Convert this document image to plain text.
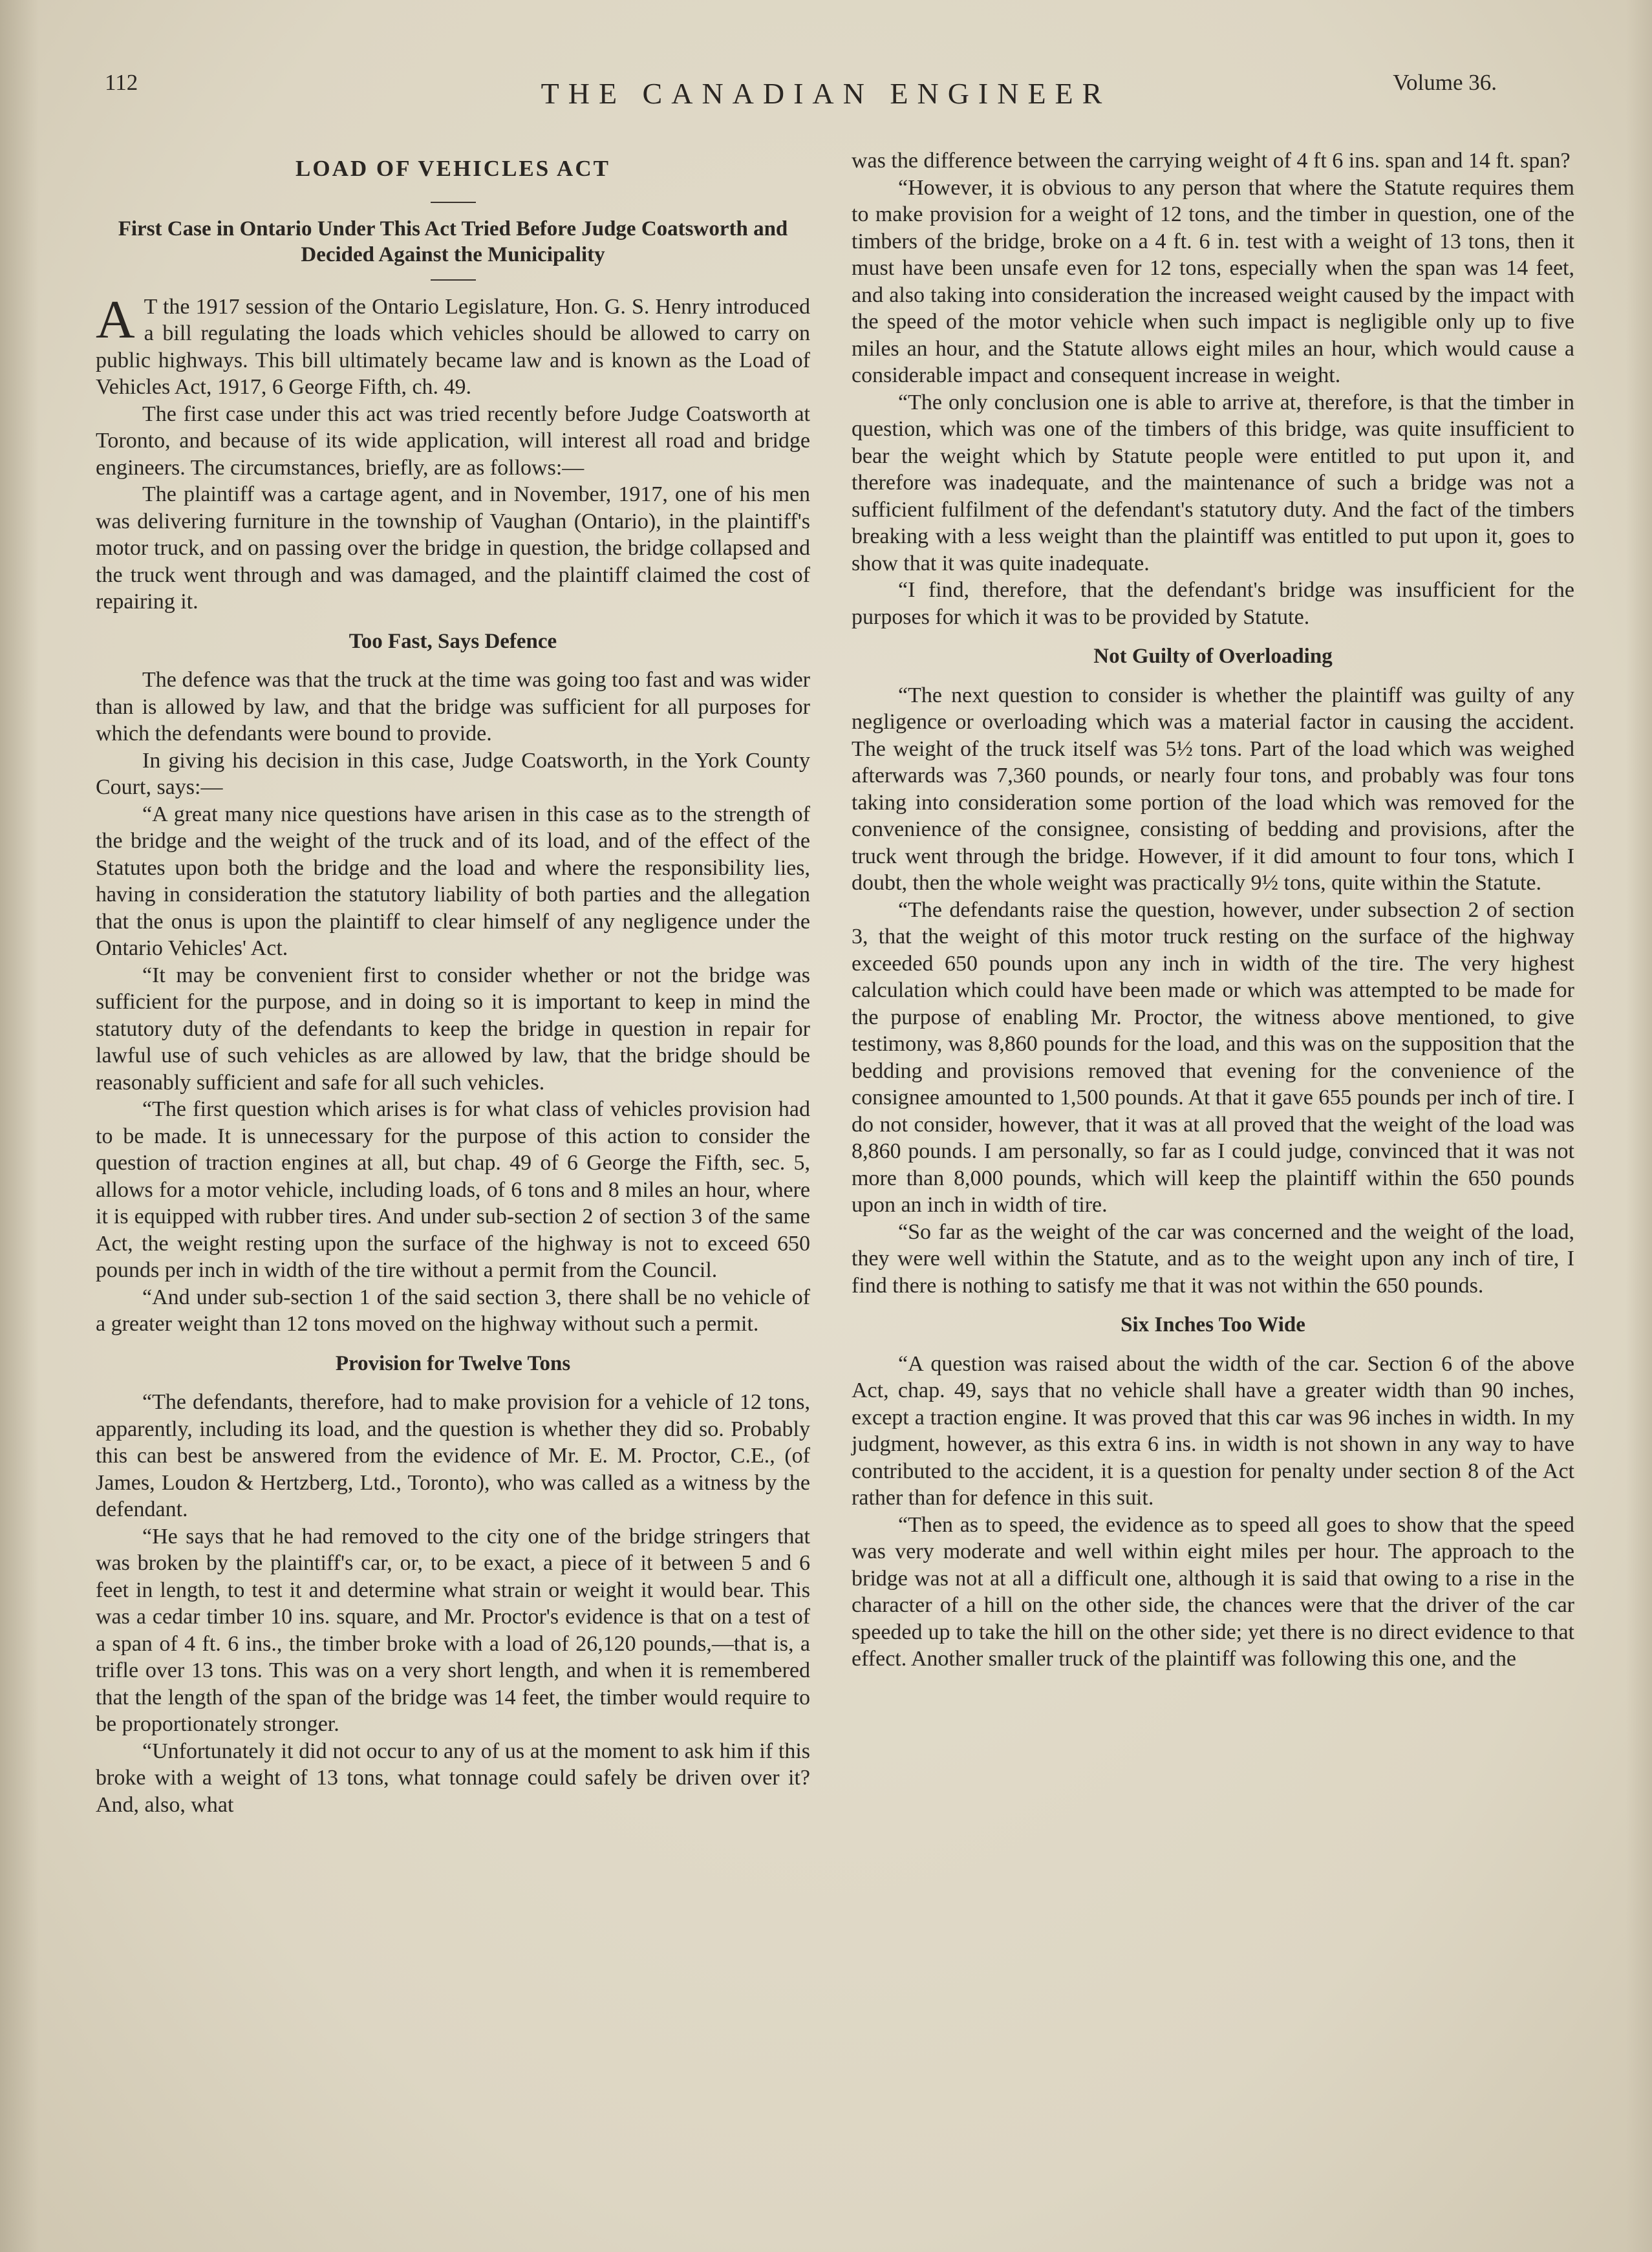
112	THE CANADIAN ENGINEER	Volume 36.
LOAD OF VEHICLES ACT
First Case in Ontario Under This Act Tried Before Judge Coatsworth and Decided Against the Municipality

A T the 1917 session of the Ontario Legislature, Hon. G. S. Henry introduced a bill regulating the loads which vehicles should be allowed to carry on public highways. This bill ultimately became law and is known as the Load of Vehicles Act, 1917, 6 George Fifth, ch. 49.

The first case under this act was tried recently before Judge Coatsworth at Toronto, and because of its wide application, will interest all road and bridge engineers. The circumstances, briefly, are as follows:—

The plaintiff was a cartage agent, and in November, 1917, one of his men was delivering furniture in the township of Vaughan (Ontario), in the plaintiff's motor truck, and on passing over the bridge in question, the bridge collapsed and the truck went through and was damaged, and the plaintiff claimed the cost of repairing it.

Too Fast, Says Defence

The defence was that the truck at the time was going too fast and was wider than is allowed by law, and that the bridge was sufficient for all purposes for which the defendants were bound to provide.

In giving his decision in this case, Judge Coatsworth, in the York County Court, says:—

“A great many nice questions have arisen in this case as to the strength of the bridge and the weight of the truck and of its load, and of the effect of the Statutes upon both the bridge and the load and where the responsibility lies, having in consideration the statutory liability of both parties and the allegation that the onus is upon the plaintiff to clear himself of any negligence under the Ontario Vehicles' Act.

“It may be convenient first to consider whether or not the bridge was sufficient for the purpose, and in doing so it is important to keep in mind the statutory duty of the defendants to keep the bridge in question in repair for lawful use of such vehicles as are allowed by law, that the bridge should be reasonably sufficient and safe for all such vehicles.

“The first question which arises is for what class of vehicles provision had to be made. It is unnecessary for the purpose of this action to consider the question of traction engines at all, but chap. 49 of 6 George the Fifth, sec. 5, allows for a motor vehicle, including loads, of 6 tons and 8 miles an hour, where it is equipped with rubber tires. And under sub-section 2 of section 3 of the same Act, the weight resting upon the surface of the highway is not to exceed 650 pounds per inch in width of the tire without a permit from the Council.

“And under sub-section 1 of the said section 3, there shall be no vehicle of a greater weight than 12 tons moved on the highway without such a permit.

Provision for Twelve Tons

“The defendants, therefore, had to make provision for a vehicle of 12 tons, apparently, including its load, and the question is whether they did so. Probably this can best be answered from the evidence of Mr. E. M. Proctor, C.E., (of James, Loudon & Hertzberg, Ltd., Toronto), who was called as a witness by the defendant.

“He says that he had removed to the city one of the bridge stringers that was broken by the plaintiff's car, or, to be exact, a piece of it between 5 and 6 feet in length, to test it and determine what strain or weight it would bear. This was a cedar timber 10 ins. square, and Mr. Proctor's evidence is that on a test of a span of 4 ft. 6 ins., the timber broke with a load of 26,120 pounds,—that is, a trifle over 13 tons. This was on a very short length, and when it is remembered that the length of the span of the bridge was 14 feet, the timber would require to be proportionately stronger.

“Unfortunately it did not occur to any of us at the moment to ask him if this broke with a weight of 13 tons, what tonnage could safely be driven over it? And, also, what

was the difference between the carrying weight of 4 ft 6 ins. span and 14 ft. span?

“However, it is obvious to any person that where the Statute requires them to make provision for a weight of 12 tons, and the timber in question, one of the timbers of the bridge, broke on a 4 ft. 6 in. test with a weight of 13 tons, then it must have been unsafe even for 12 tons, especially when the span was 14 feet, and also taking into consideration the increased weight caused by the impact with the speed of the motor vehicle when such impact is negligible only up to five miles an hour, and the Statute allows eight miles an hour, which would cause a considerable impact and consequent increase in weight.

“The only conclusion one is able to arrive at, therefore, is that the timber in question, which was one of the timbers of this bridge, was quite insufficient to bear the weight which by Statute people were entitled to put upon it, and therefore was inadequate, and the maintenance of such a bridge was not a sufficient fulfilment of the defendant's statutory duty. And the fact of the timbers breaking with a less weight than the plaintiff was entitled to put upon it, goes to show that it was quite inadequate.

“I find, therefore, that the defendant's bridge was insufficient for the purposes for which it was to be provided by Statute.

Not Guilty of Overloading

“The next question to consider is whether the plaintiff was guilty of any negligence or overloading which was a material factor in causing the accident. The weight of the truck itself was 5½ tons. Part of the load which was weighed afterwards was 7,360 pounds, or nearly four tons, and probably was four tons taking into consideration some portion of the load which was removed for the convenience of the consignee, consisting of bedding and provisions, after the truck went through the bridge. However, if it did amount to four tons, which I doubt, then the whole weight was practically 9½ tons, quite within the Statute.

“The defendants raise the question, however, under subsection 2 of section 3, that the weight of this motor truck resting on the surface of the highway exceeded 650 pounds upon any inch in width of the tire. The very highest calculation which could have been made or which was attempted to be made for the purpose of enabling Mr. Proctor, the witness above mentioned, to give testimony, was 8,860 pounds for the load, and this was on the supposition that the bedding and provisions removed that evening for the convenience of the consignee amounted to 1,500 pounds. At that it gave 655 pounds per inch of tire. I do not consider, however, that it was at all proved that the weight of the load was 8,860 pounds. I am personally, so far as I could judge, convinced that it was not more than 8,000 pounds, which will keep the plaintiff within the 650 pounds upon an inch in width of tire.

“So far as the weight of the car was concerned and the weight of the load, they were well within the Statute, and as to the weight upon any inch of tire, I find there is nothing to satisfy me that it was not within the 650 pounds.

Six Inches Too Wide

“A question was raised about the width of the car. Section 6 of the above Act, chap. 49, says that no vehicle shall have a greater width than 90 inches, except a traction engine. It was proved that this car was 96 inches in width. In my judgment, however, as this extra 6 ins. in width is not shown in any way to have contributed to the accident, it is a question for penalty under section 8 of the Act rather than for defence in this suit.

“Then as to speed, the evidence as to speed all goes to show that the speed was very moderate and well within eight miles per hour. The approach to the bridge was not at all a difficult one, although it is said that owing to a rise in the character of a hill on the other side, the chances were that the driver of the car speeded up to take the hill on the other side; yet there is no direct evidence to that effect. Another smaller truck of the plaintiff was following this one, and the
